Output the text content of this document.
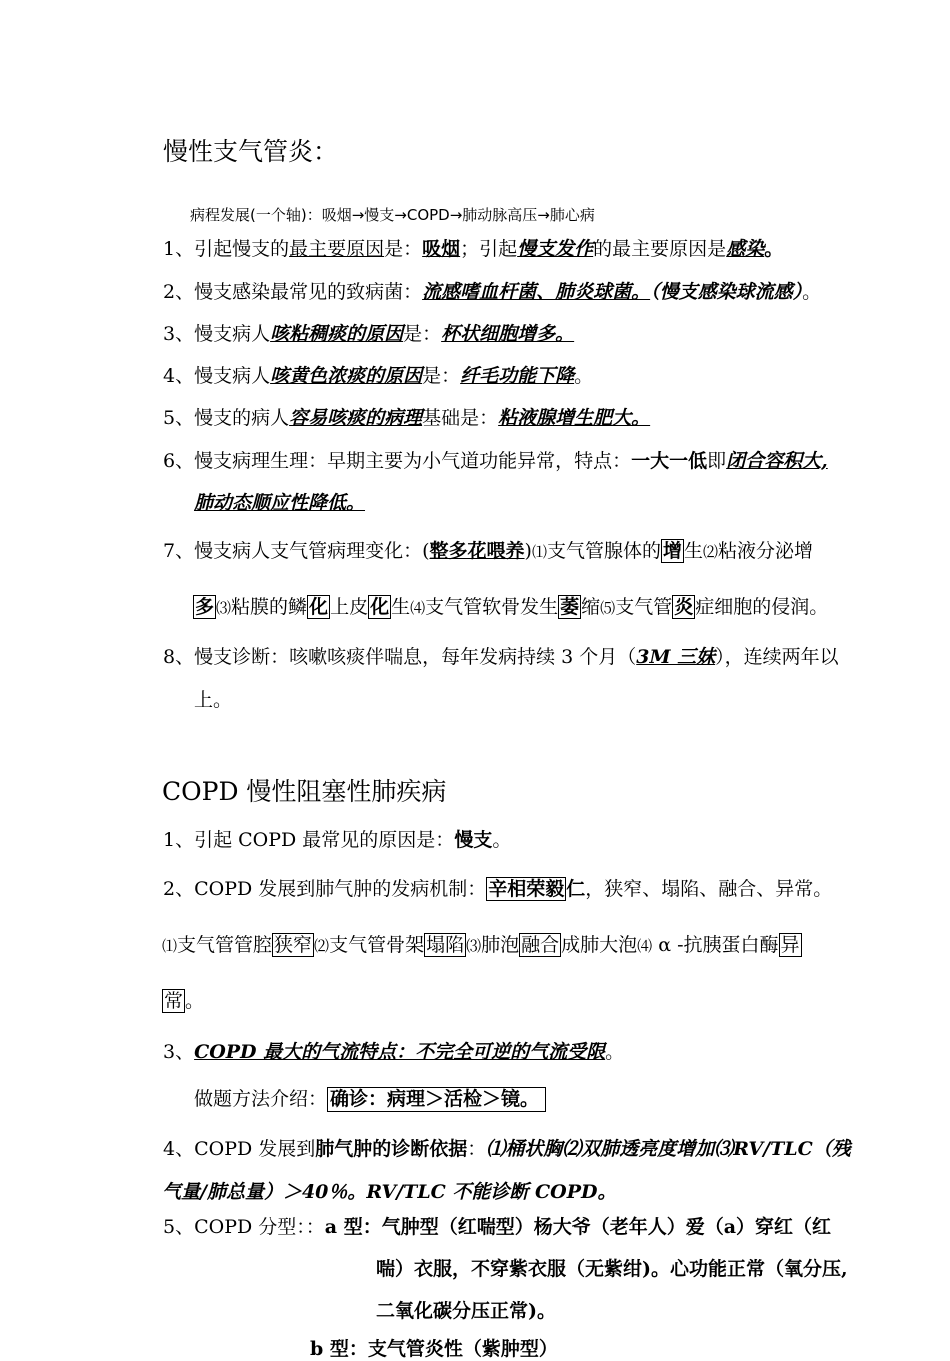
慢性支气管炎：
病程发展(一个轴)：吸烟→慢支→COPD→肺动脉高压→肺心病
1、引起慢支的最主要原因是：吸烟；引起慢支发作的最主要原因是感染。
2、慢支感染最常见的致病菌：流感嗜血杆菌、肺炎球菌。（慢支感染球流感）。
3、慢支病人咳粘稠痰的原因是：杯状细胞增多。
4、慢支病人咳黄色浓痰的原因是：纤毛功能下降。
5、慢支的病人容易咳痰的病理基础是：粘液腺增生肥大。
6、慢支病理生理：早期主要为小气道功能异常，特点：一大一低即闭合容积大,
肺动态顺应性降低。
7、慢支病人支气管病理变化：(整多花喂养)⑴支气管腺体的 增 生⑵粘液分泌增
多 ⑶粘膜的鳞 化 上皮 化 生⑷支气管软骨发生 萎 缩⑸支气管 炎 症细胞的侵润。
8、慢支诊断：咳嗽咳痰伴喘息，每年发病持续 3 个月（3M 三妹），连续两年以
上。
COPD 慢性阻塞性肺疾病
1、引起 COPD 最常见的原因是：慢支。
2、COPD 发展到肺气肿的发病机制： 辛相荣毅 仁，狭窄、塌陷、融合、异常。
⑴支气管管腔 狭窄 ⑵支气管骨架 塌陷 ⑶肺泡 融合 成肺大泡⑷ α -抗胰蛋白酶 异
常 。
3、COPD 最大的气流特点：不完全可逆的气流受限。
做题方法介绍： 确诊：病理＞活检＞镜。
4、COPD 发展到肺气肿的诊断依据：⑴桶状胸⑵双肺透亮度增加⑶RV/TLC（残
气量/肺总量）＞40％。RV/TLC 不能诊断 COPD。
5、COPD 分型：：a 型：气肿型（红喘型）杨大爷（老年人）爱（a）穿红（红
喘）衣服，不穿紫衣服（无紫绀)。心功能正常（氧分压,
二氧化碳分压正常)。
b 型：支气管炎性（紫肿型）
